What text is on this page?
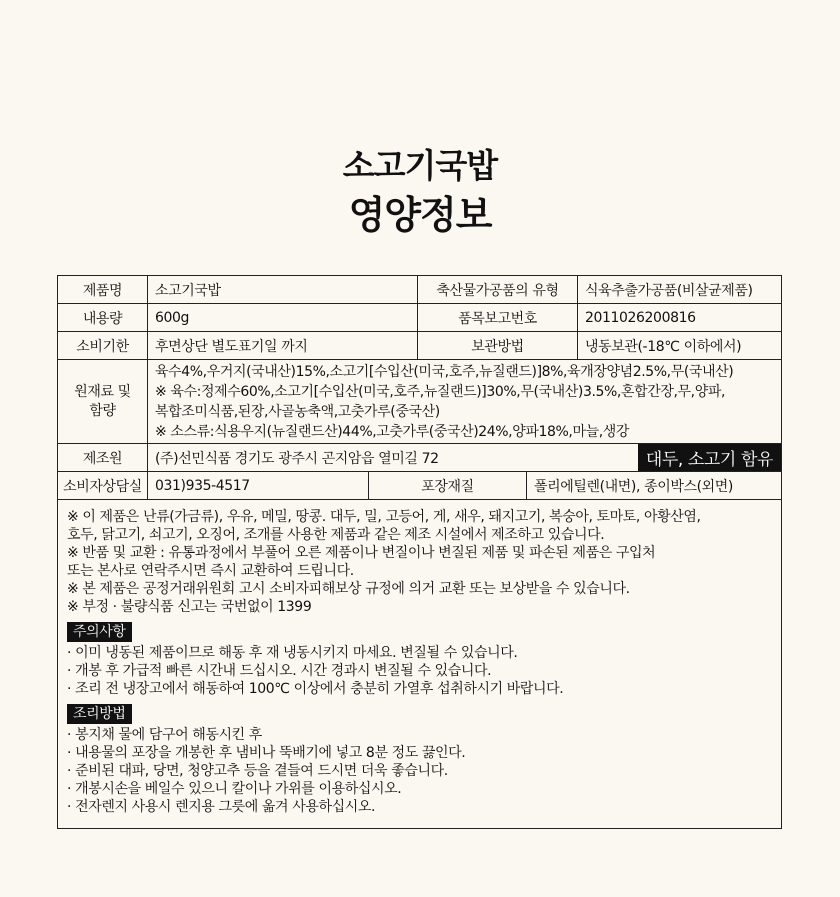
소고기국밥
영양정보
제품명	소고기국밥	축산물가공품의 유형	식육추출가공품(비살균제품)
내용량	600g	품목보고번호	2011026200816
소비기한	후면상단 별도표기일 까지	보관방법	냉동보관(-18℃ 이하에서)
원재료 및
함량
육수4%,우거지(국내산)15%,소고기[수입산(미국,호주,뉴질랜드)]8%,육개장양념2.5%,무(국내산)
※ 육수:정제수60%,소고기[수입산(미국,호주,뉴질랜드)]30%,무(국내산)3.5%,혼합간장,무,양파,
복합조미식품,된장,사골농축액,고춧가루(중국산)
※ 소스류:식용우지(뉴질랜드산)44%,고춧가루(중국산)24%,양파18%,마늘,생강
제조원	(주)선민식품 경기도 광주시 곤지암읍 열미길 72	대두, 소고기 함유
소비자상담실 031)935-4517	포장재질	폴리에틸렌(내면), 종이박스(외면)

※ 이 제품은 난류(가금류), 우유, 메밀, 땅콩. 대두, 밀, 고등어, 게, 새우, 돼지고기, 복숭아, 토마토, 아황산염,

호두, 닭고기, 쇠고기, 오징어, 조개를 사용한 제품과 같은 제조 시설에서 제조하고 있습니다.

※ 반품 및 교환 : 유통과정에서 부풀어 오른 제품이나 변질이나 변질된 제품 및 파손된 제품은 구입처

또는 본사로 연락주시면 즉시 교환하여 드립니다.

※ 본 제품은 공정거래위원회 고시 소비자피해보상 규정에 의거 교환 또는 보상받을 수 있습니다.

※ 부정 · 불량식품 신고는 국번없이 1399

주의사항

· 이미 냉동된 제품이므로 해동 후 재 냉동시키지 마세요. 변질될 수 있습니다.

· 개봉 후 가급적 빠른 시간내 드십시오. 시간 경과시 변질될 수 있습니다.

· 조리 전 냉장고에서 해동하여 100℃ 이상에서 충분히 가열후 섭취하시기 바랍니다.

조리방법

· 봉지채 물에 담구어 해동시킨 후

· 내용물의 포장을 개봉한 후 냄비나 뚝배기에 넣고 8분 정도 끓인다.

· 준비된 대파, 당면, 청양고추 등을 곁들여 드시면 더욱 좋습니다.

· 개봉시손을 베일수 있으니 칼이나 가위를 이용하십시오.

· 전자렌지 사용시 렌지용 그릇에 옮겨 사용하십시오.
